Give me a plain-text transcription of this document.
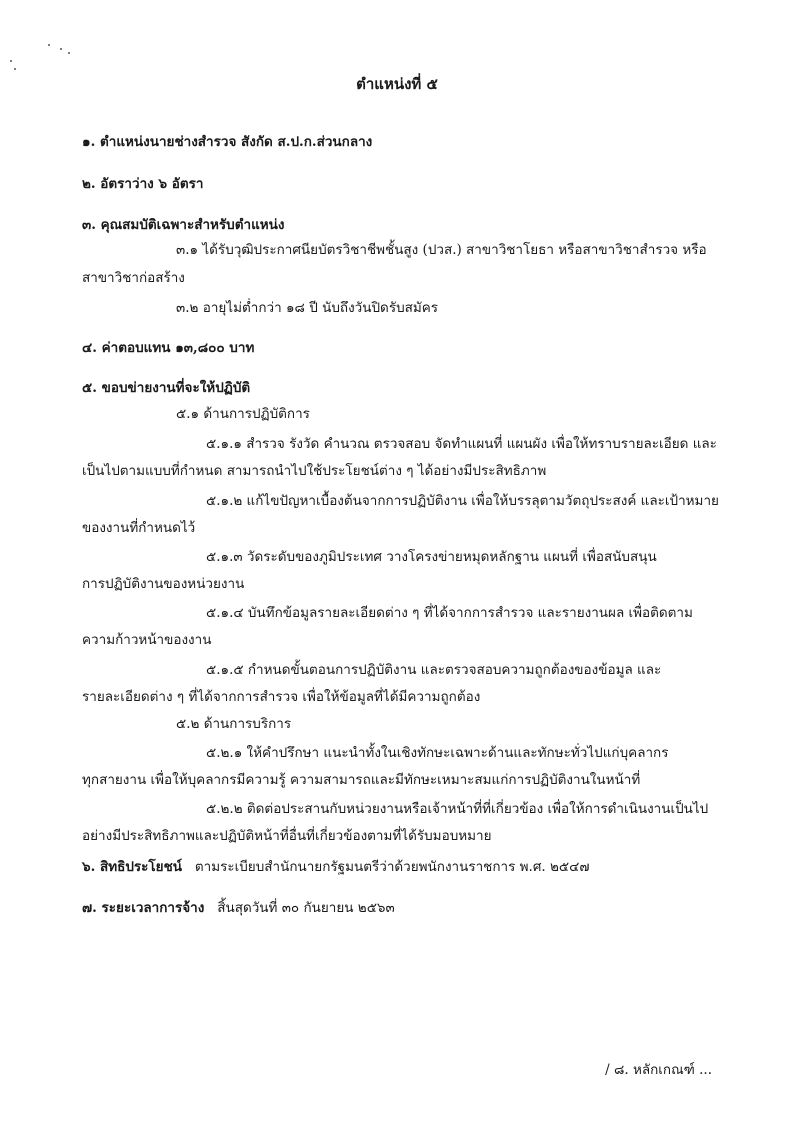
ตำแหน่งที่ ๕
๑. ตำแหน่งนายช่างสำรวจ สังกัด ส.ป.ก.ส่วนกลาง
๒. อัตราว่าง ๖ อัตรา
๓. คุณสมบัติเฉพาะสำหรับตำแหน่ง
๓.๑ ได้รับวุฒิประกาศนียบัตรวิชาชีพชั้นสูง (ปวส.) สาขาวิชาโยธา หรือสาขาวิชาสำรวจ หรือ
สาขาวิชาก่อสร้าง
๓.๒ อายุไม่ต่ำกว่า ๑๘ ปี นับถึงวันปิดรับสมัคร
๔. ค่าตอบแทน ๑๓,๘๐๐ บาท
๕. ขอบข่ายงานที่จะให้ปฏิบัติ
๕.๑ ด้านการปฏิบัติการ
๕.๑.๑ สำรวจ รังวัด คำนวณ ตรวจสอบ จัดทำแผนที่ แผนผัง เพื่อให้ทราบรายละเอียด และ
เป็นไปตามแบบที่กำหนด สามารถนำไปใช้ประโยชน์ต่าง ๆ ได้อย่างมีประสิทธิภาพ
๕.๑.๒ แก้ไขปัญหาเบื้องต้นจากการปฏิบัติงาน เพื่อให้บรรลุตามวัตถุประสงค์ และเป้าหมาย
ของงานที่กำหนดไว้
๕.๑.๓ วัดระดับของภูมิประเทศ วางโครงข่ายหมุดหลักฐาน แผนที่ เพื่อสนับสนุน
การปฏิบัติงานของหน่วยงาน
๕.๑.๔ บันทึกข้อมูลรายละเอียดต่าง ๆ ที่ได้จากการสำรวจ และรายงานผล เพื่อติดตาม
ความก้าวหน้าของงาน
๕.๑.๕ กำหนดขั้นตอนการปฏิบัติงาน และตรวจสอบความถูกต้องของข้อมูล และ
รายละเอียดต่าง ๆ ที่ได้จากการสำรวจ เพื่อให้ข้อมูลที่ได้มีความถูกต้อง
๕.๒ ด้านการบริการ
๕.๒.๑ ให้คำปรึกษา แนะนำทั้งในเชิงทักษะเฉพาะด้านและทักษะทั่วไปแก่บุคลากร
ทุกสายงาน เพื่อให้บุคลากรมีความรู้ ความสามารถและมีทักษะเหมาะสมแก่การปฏิบัติงานในหน้าที่
๕.๒.๒ ติดต่อประสานกับหน่วยงานหรือเจ้าหน้าที่ที่เกี่ยวข้อง เพื่อให้การดำเนินงานเป็นไป
อย่างมีประสิทธิภาพและปฏิบัติหน้าที่อื่นที่เกี่ยวข้องตามที่ได้รับมอบหมาย
๖. สิทธิประโยชน์ ตามระเบียบสำนักนายกรัฐมนตรีว่าด้วยพนักงานราชการ พ.ศ. ๒๕๔๗
๗. ระยะเวลาการจ้าง สิ้นสุดวันที่ ๓๐ กันยายน ๒๕๖๓
/ ๘. หลักเกณฑ์ ...
